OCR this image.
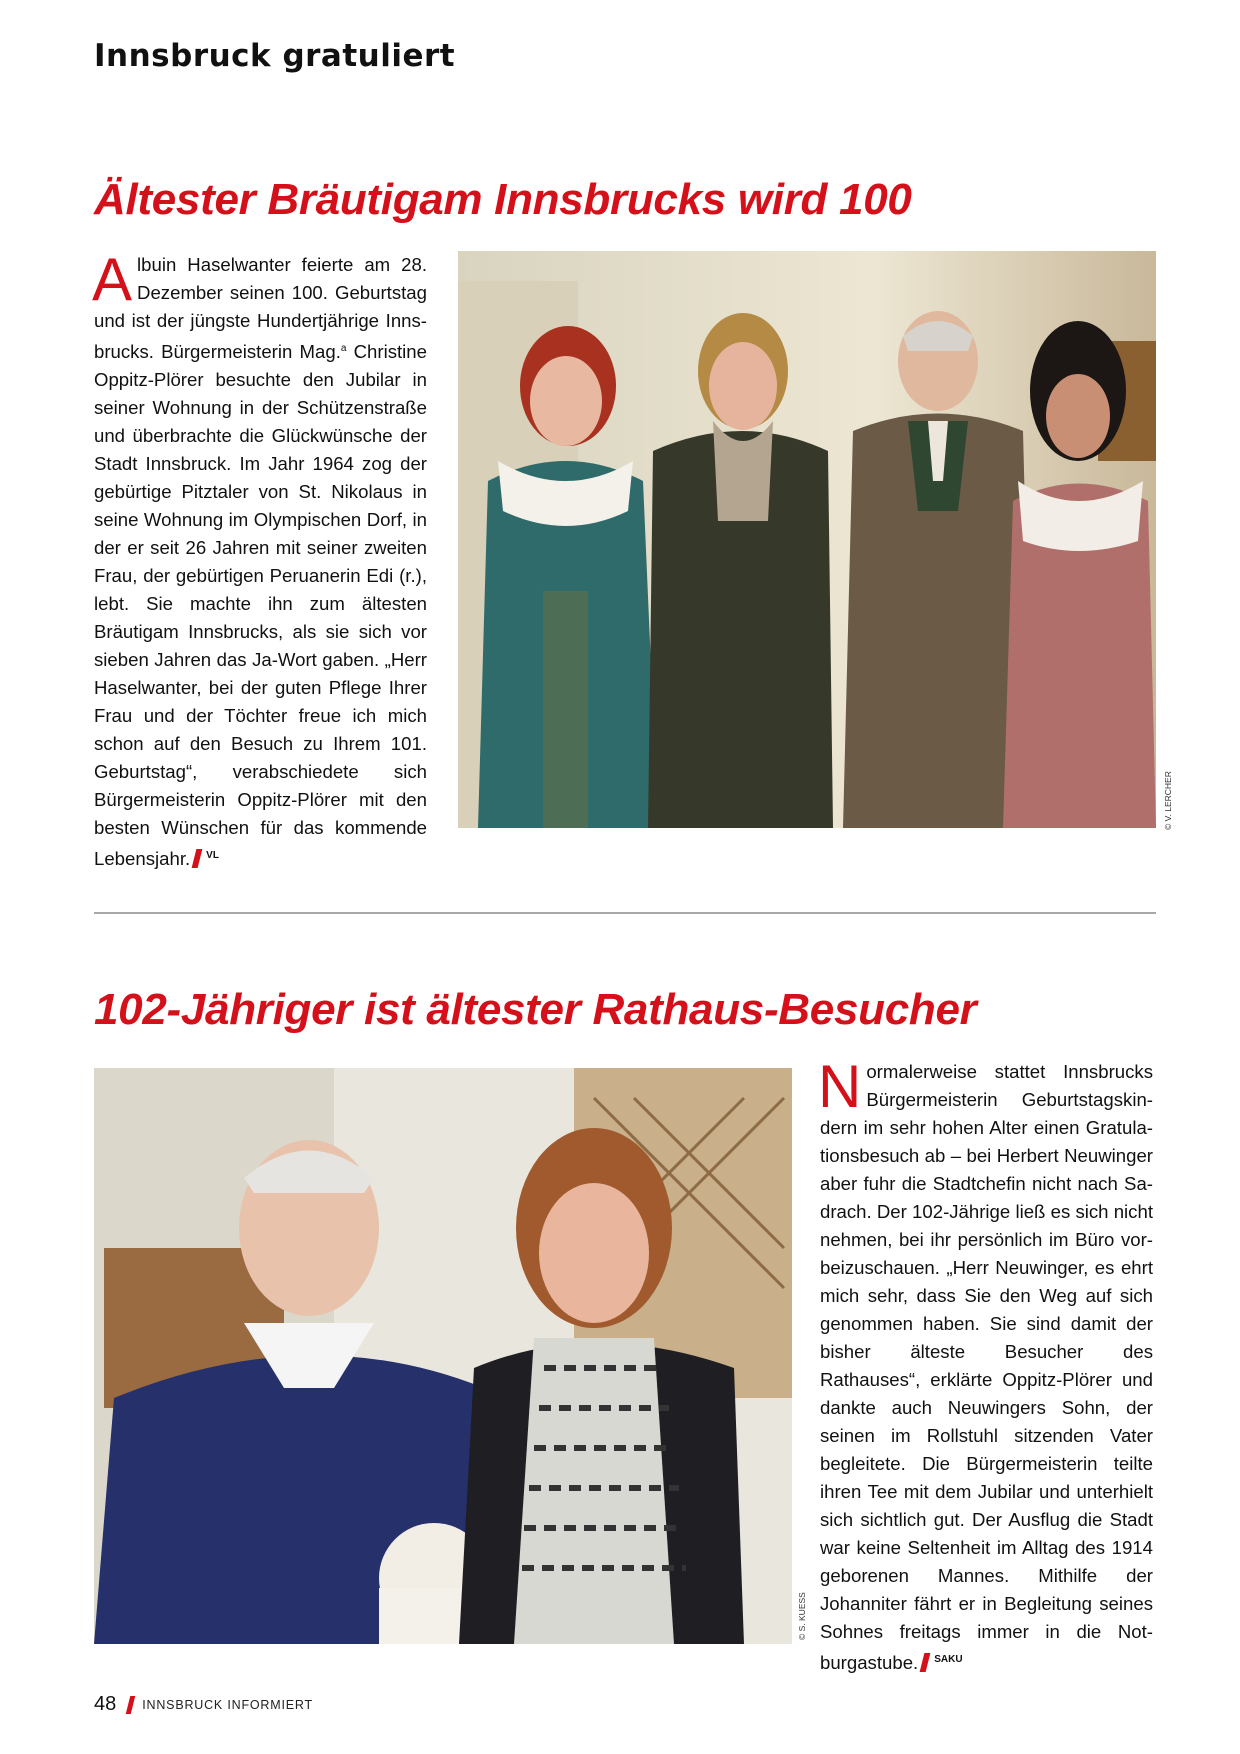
Innsbruck gratuliert
Ältester Bräutigam Innsbrucks wird 100

Albuin Haselwanter feierte am 28. Dezember seinen 100. Geburtstag und ist der jüngste Hundertjährige Innsbrucks. Bürgermeisterin Mag.$^a$ Christine Oppitz-Plörer besuchte den Jubilar in seiner Wohnung in der Schützenstraße und überbrachte die Glückwünsche der Stadt Innsbruck. Im Jahr 1964 zog der gebürtige Pitztaler von St. Nikolaus in seine Wohnung im Olympischen Dorf, in der er seit 26 Jahren mit seiner zweiten Frau, der gebürtigen Peruanerin Edi (r.), lebt. Sie machte ihn zum ältesten Bräutigam Innsbrucks, als sie sich vor sieben Jahren das Ja-Wort gaben. „Herr Haselwanter, bei der guten Pflege Ihrer Frau und der Töchter freue ich mich schon auf den Besuch zu Ihrem 101. Geburtstag“, verabschiedete sich Bürgermeisterin Oppitz-Plörer mit den besten Wünschen für das kommende Lebensjahr. $^{VL}$

© V. LERCHER
102-Jähriger ist ältester Rathaus-Besucher
© S. KUESS

Normalerweise stattet Innsbrucks Bürgermeisterin Geburtstagskindern im sehr hohen Alter einen Gratulationsbesuch ab – bei Herbert Neuwinger aber fuhr die Stadtchefin nicht nach Sadrach. Der 102-Jährige ließ es sich nicht nehmen, bei ihr persönlich im Büro vorbeizuschauen. „Herr Neuwinger, es ehrt mich sehr, dass Sie den Weg auf sich genommen haben. Sie sind damit der bisher älteste Besucher des Rathauses“, erklärte Oppitz-Plörer und dankte auch Neuwingers Sohn, der seinen im Rollstuhl sitzenden Vater begleitete. Die Bürgermeisterin teilte ihren Tee mit dem Jubilar und unterhielt sich sichtlich gut. Der Ausflug die Stadt war keine Seltenheit im Alltag des 1914 geborenen Mannes. Mithilfe der Johanniter fährt er in Begleitung seines Sohnes freitags immer in die Notburgastube. $^{SAKU}$

48 INNSBRUCK INFORMIERT
